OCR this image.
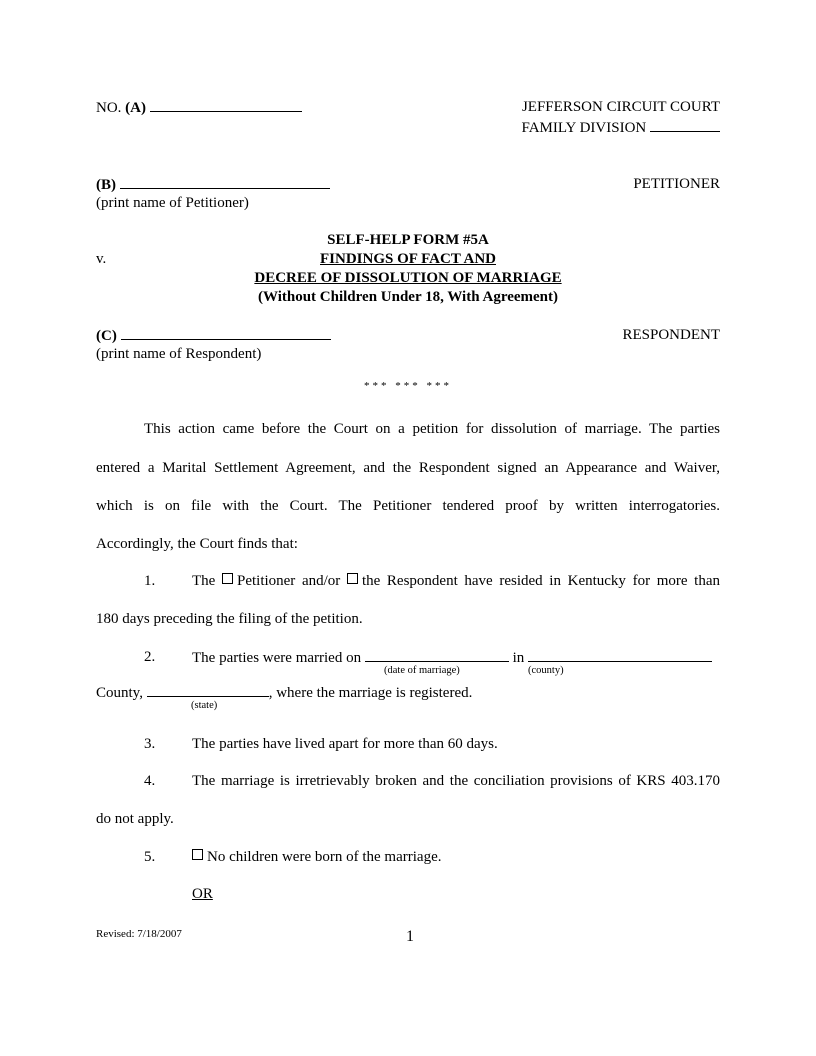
NO. (A)	JEFFERSON CIRCUIT COURT
FAMILY DIVISION
(B)
(print name of Petitioner)
PETITIONER
SELF-HELP FORM #5A
v.	FINDINGS OF FACT AND
DECREE OF DISSOLUTION OF MARRIAGE
(Without Children Under 18, With Agreement)
(C)
(print name of Respondent)
RESPONDENT
*** *** ***
This action came before the Court on a petition for dissolution of marriage. The parties
entered a Marital Settlement Agreement, and the Respondent signed an Appearance and Waiver,
which is on file with the Court. The Petitioner tendered proof by written interrogatories.
Accordingly, the Court finds that:
1. The Petitioner and/or the Respondent have resided in Kentucky for more than
180 days preceding the filing of the petition.
2. The parties were married on	in
(date of marriage)	(county)
County,	, where the marriage is registered.
(state)
3. The parties have lived apart for more than 60 days.
4. The marriage is irretrievably broken and the conciliation provisions of KRS 403.170
do not apply.
5.	No children were born of the marriage.
OR
Revised: 7/18/2007	1
